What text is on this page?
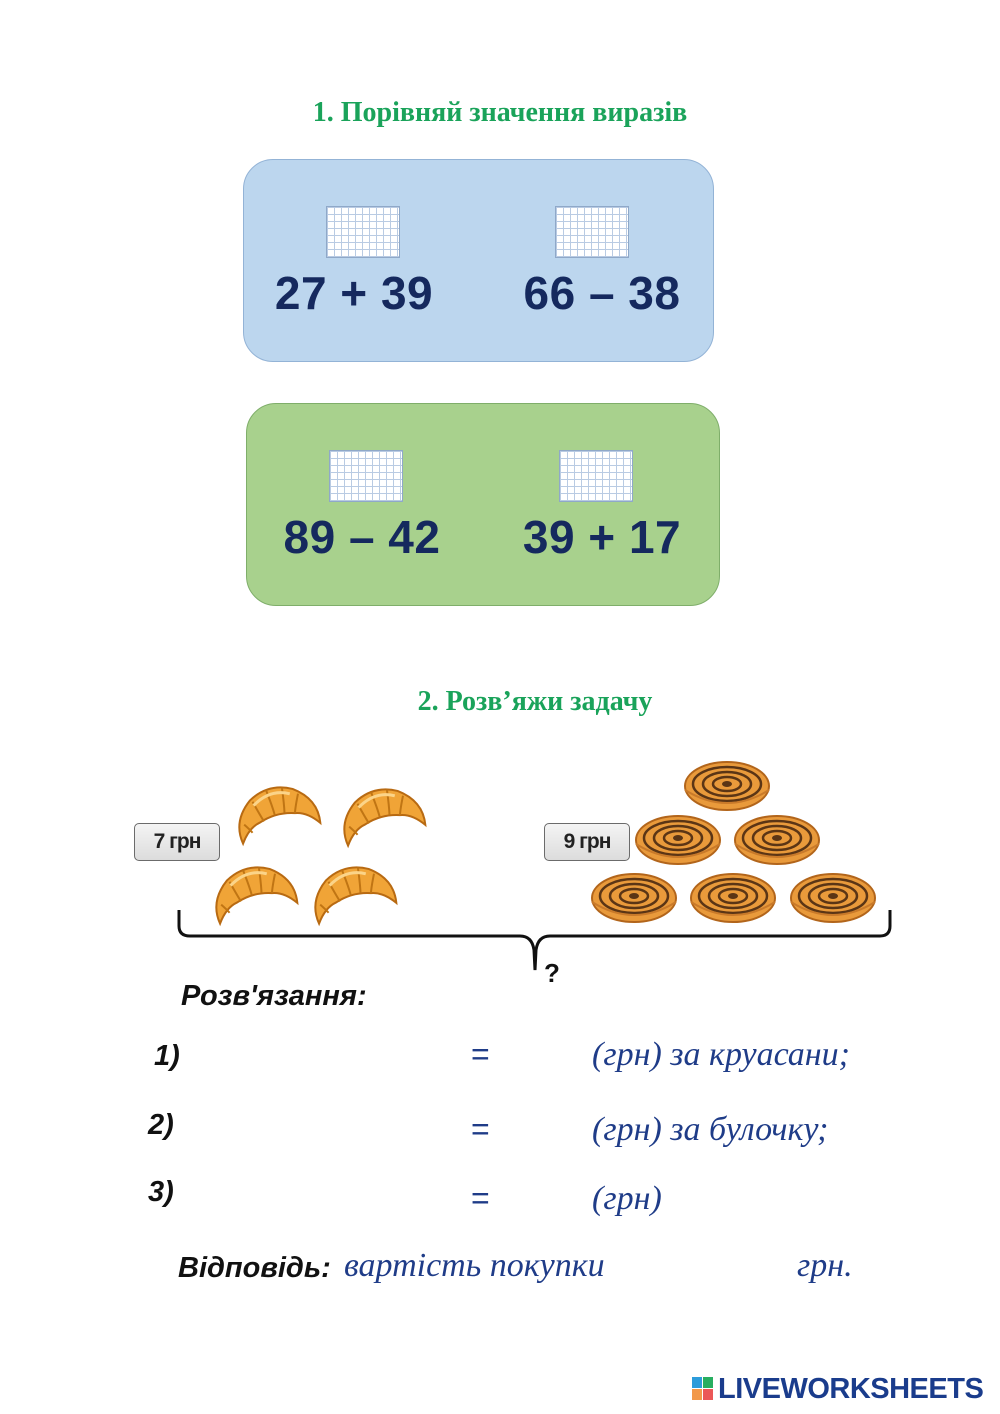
1. Порівняй значення виразів
27 + 39	66 – 38
89 – 42	39 + 17
2. Розв’яжи задачу
7 грн	9 грн
?
Розв'язання:
1)	=	(грн) за круасани;
2)	=	(грн) за булочку;
3)	=	(грн)
Відповідь: вартість покупки	грн.
LIVEWORKSHEETS
